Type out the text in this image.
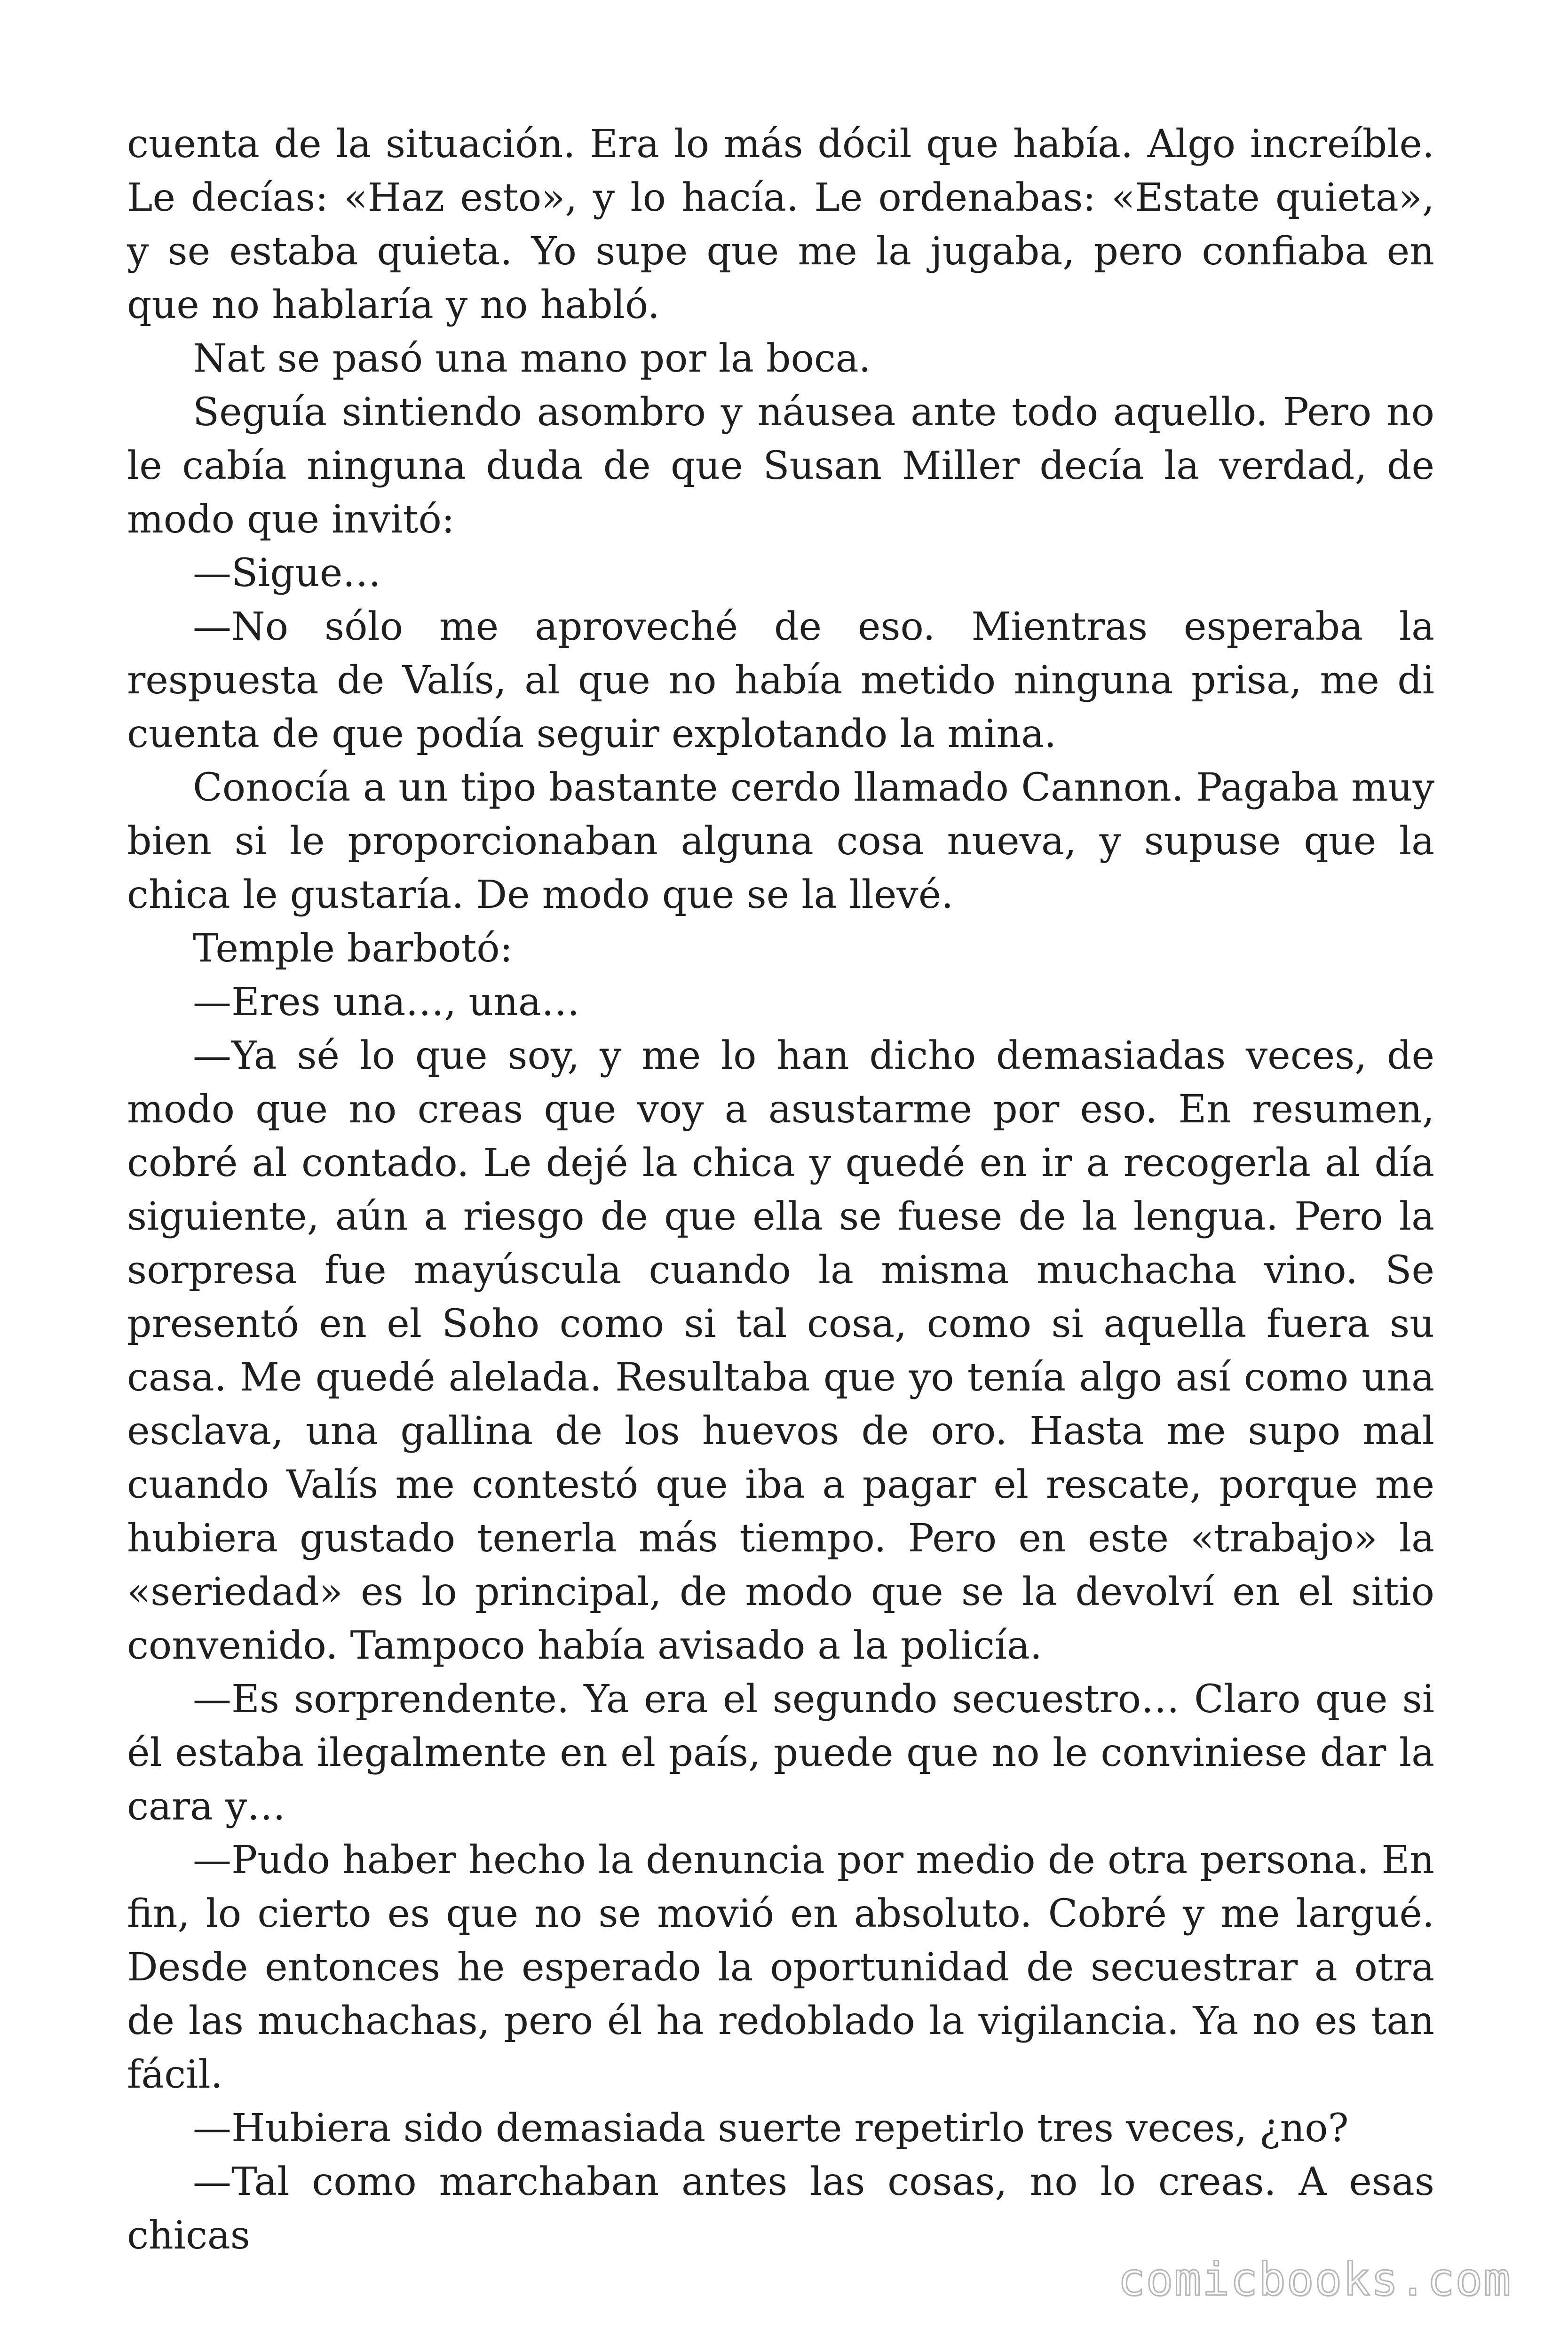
cuenta de la situación. Era lo más dócil que había. Algo increíble. Le decías: «Haz esto», y lo hacía. Le ordenabas: «Estate quieta», y se estaba quieta. Yo supe que me la jugaba, pero confiaba en que no hablaría y no habló.

Nat se pasó una mano por la boca.

Seguía sintiendo asombro y náusea ante todo aquello. Pero no le cabía ninguna duda de que Susan Miller decía la verdad, de modo que invitó:

—Sigue…

—No sólo me aproveché de eso. Mientras esperaba la respuesta de Valís, al que no había metido ninguna prisa, me di cuenta de que podía seguir explotando la mina.

Conocía a un tipo bastante cerdo llamado Cannon. Pagaba muy bien si le proporcionaban alguna cosa nueva, y supuse que la chica le gustaría. De modo que se la llevé.

Temple barbotó:

—Eres una…, una…

—Ya sé lo que soy, y me lo han dicho demasiadas veces, de modo que no creas que voy a asustarme por eso. En resumen, cobré al contado. Le dejé la chica y quedé en ir a recogerla al día siguiente, aún a riesgo de que ella se fuese de la lengua. Pero la sorpresa fue mayúscula cuando la misma muchacha vino. Se presentó en el Soho como si tal cosa, como si aquella fuera su casa. Me quedé alelada. Resultaba que yo tenía algo así como una esclava, una gallina de los huevos de oro. Hasta me supo mal cuando Valís me contestó que iba a pagar el rescate, porque me hubiera gustado tenerla más tiempo. Pero en este «trabajo» la «seriedad» es lo principal, de modo que se la devolví en el sitio convenido. Tampoco había avisado a la policía.

—Es sorprendente. Ya era el segundo secuestro… Claro que si él estaba ilegalmente en el país, puede que no le conviniese dar la cara y…

—Pudo haber hecho la denuncia por medio de otra persona. En fin, lo cierto es que no se movió en absoluto. Cobré y me largué. Desde entonces he esperado la oportunidad de secuestrar a otra de las muchachas, pero él ha redoblado la vigilancia. Ya no es tan fácil.

—Hubiera sido demasiada suerte repetirlo tres veces, ¿no?

—Tal como marchaban antes las cosas, no lo creas. A esas chicas

comicbooks.com
